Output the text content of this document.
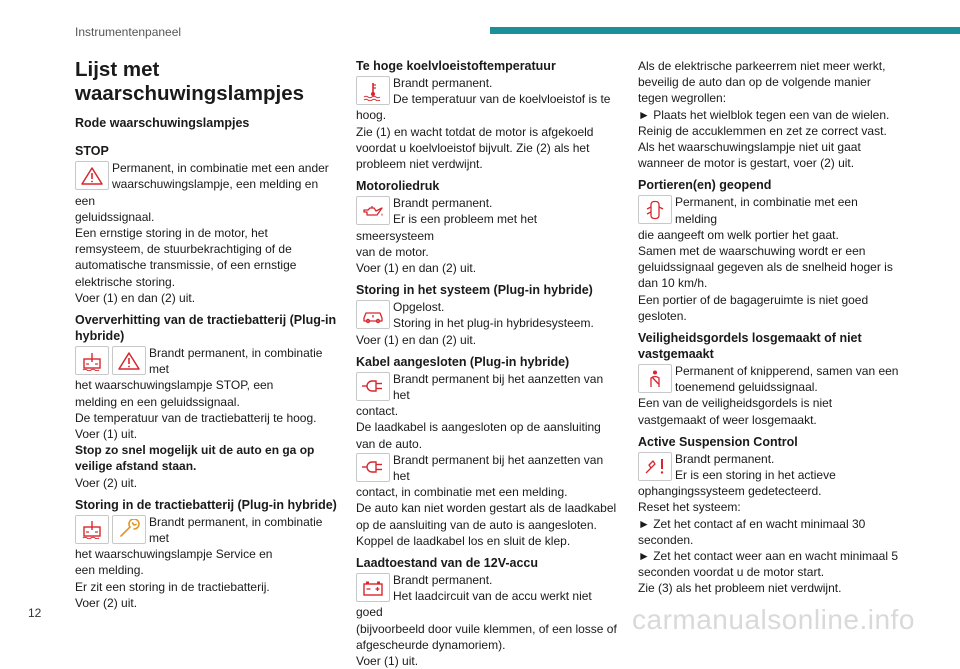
Instrumentenpaneel
Lijst met waarschuwingslampjes
Rode waarschuwingslampjes
STOP

Permanent, in combinatie met een ander

waarschuwingslampje, een melding en een

geluidssignaal.

Een ernstige storing in de motor, het remsysteem, de stuurbekrachtiging of de automatische transmissie, of een ernstige elektrische storing.

Voer (1) en dan (2) uit.

Oververhitting van de tractiebatterij (Plug-in hybride)

Brandt permanent, in combinatie met

het waarschuwingslampje STOP, een

melding en een geluidssignaal.

De temperatuur van de tractiebatterij te hoog.

Voer (1) uit.

Stop zo snel mogelijk uit de auto en ga op veilige afstand staan.

Voer (2) uit.

Storing in de tractiebatterij (Plug-in hybride)

Brandt permanent, in combinatie met

het waarschuwingslampje Service en

een melding.

Er zit een storing in de tractiebatterij.

Voer (2) uit.

Te hoge koelvloeistoftemperatuur

Brandt permanent.

De temperatuur van de koelvloeistof is te

hoog.

Zie (1) en wacht totdat de motor is afgekoeld voordat u koelvloeistof bijvult. Zie (2) als het probleem niet verdwijnt.

Motoroliedruk

Brandt permanent.

Er is een probleem met het smeersysteem

van de motor.

Voer (1) en dan (2) uit.

Storing in het systeem (Plug-in hybride)

Opgelost.

Storing in het plug-in hybridesysteem.

Voer (1) en dan (2) uit.

Kabel aangesloten (Plug-in hybride)

Brandt permanent bij het aanzetten van het

contact.

De laadkabel is aangesloten op de aansluiting van de auto.

Brandt permanent bij het aanzetten van het

contact, in combinatie met een melding.

De auto kan niet worden gestart als de laadkabel op de aansluiting van de auto is aangesloten.

Koppel de laadkabel los en sluit de klep.

Laadtoestand van de 12V-accu

Brandt permanent.

Het laadcircuit van de accu werkt niet goed

(bijvoorbeeld door vuile klemmen, of een losse of afgescheurde dynamoriem).

Voer (1) uit.

Als de elektrische parkeerrem niet meer werkt, beveilig de auto dan op de volgende manier tegen wegrollen:

► Plaats het wielblok tegen een van de wielen.

Reinig de accuklemmen en zet ze correct vast. Als het waarschuwingslampje niet uit gaat wanneer de motor is gestart, voer (2) uit.

Portieren(en) geopend

Permanent, in combinatie met een melding

die aangeeft om welk portier het gaat.

Samen met de waarschuwing wordt er een geluidssignaal gegeven als de snelheid hoger is dan 10 km/h.

Een portier of de bagageruimte is niet goed gesloten.

Veiligheidsgordels losgemaakt of niet vastgemaakt

Permanent of knipperend, samen van een

toenemend geluidssignaal.

Een van de veiligheidsgordels is niet vastgemaakt of weer losgemaakt.

Active Suspension Control

Brandt permanent.

Er is een storing in het actieve

ophangingssysteem gedetecteerd.

Reset het systeem:

► Zet het contact af en wacht minimaal 30 seconden.

► Zet het contact weer aan en wacht minimaal 5 seconden voordat u de motor start.

Zie (3) als het probleem niet verdwijnt.

12	carmanualsonline.info
